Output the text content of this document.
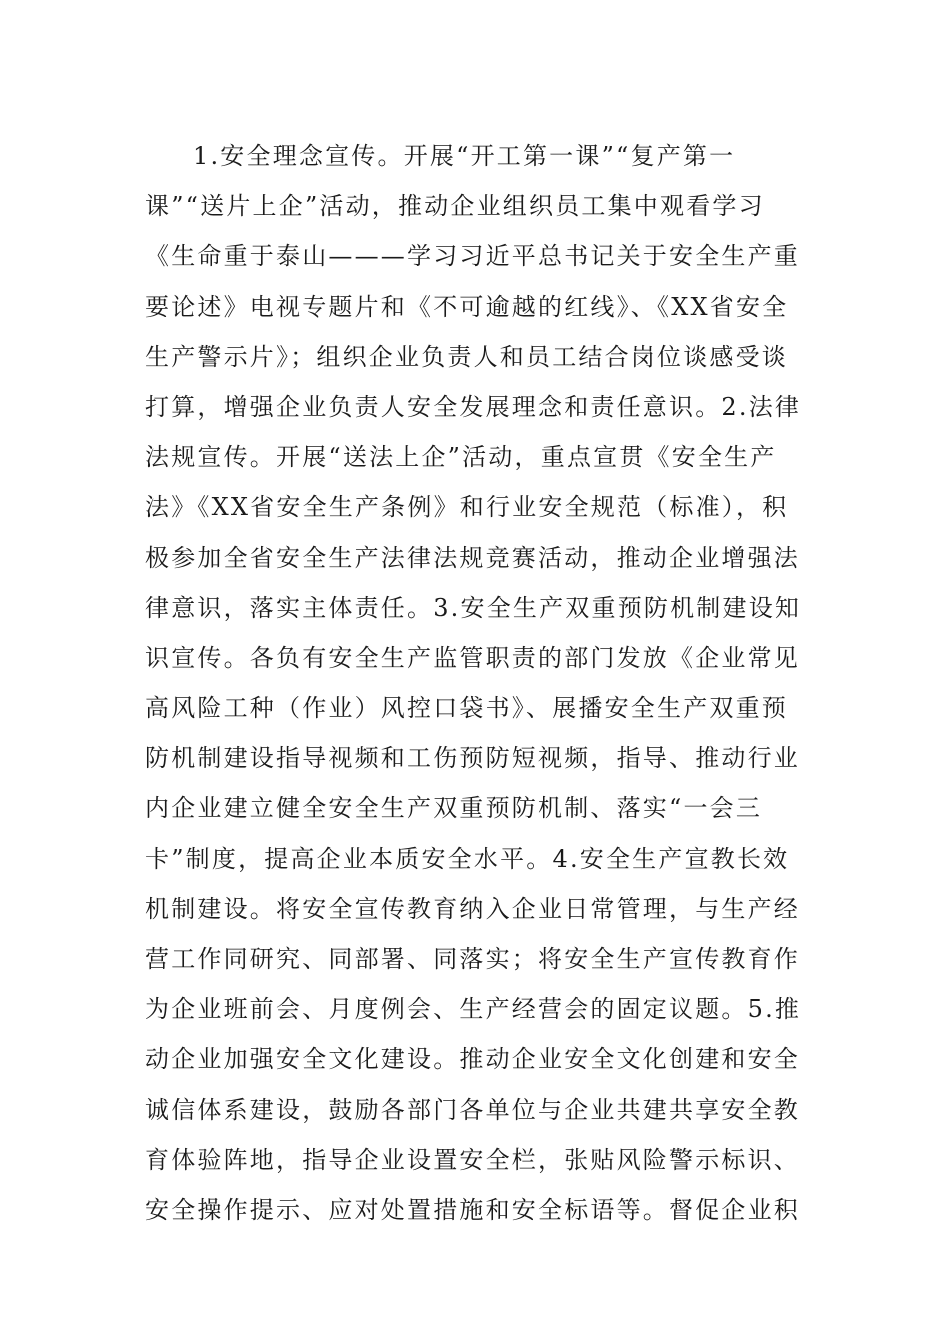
1.安全理念宣传。开展“开工第一课”“复产第一
课”“送片上企”活动，推动企业组织员工集中观看学习
《生命重于泰山———学习习近平总书记关于安全生产重
要论述》电视专题片和《不可逾越的红线》、《XX省安全
生产警示片》；组织企业负责人和员工结合岗位谈感受谈
打算，增强企业负责人安全发展理念和责任意识。2.法律
法规宣传。开展“送法上企”活动，重点宣贯《安全生产
法》《XX省安全生产条例》和行业安全规范（标准），积
极参加全省安全生产法律法规竞赛活动，推动企业增强法
律意识，落实主体责任。3.安全生产双重预防机制建设知
识宣传。各负有安全生产监管职责的部门发放《企业常见
高风险工种（作业）风控口袋书》、展播安全生产双重预
防机制建设指导视频和工伤预防短视频，指导、推动行业
内企业建立健全安全生产双重预防机制、落实“一会三
卡”制度，提高企业本质安全水平。4.安全生产宣教长效
机制建设。将安全宣传教育纳入企业日常管理，与生产经
营工作同研究、同部署、同落实；将安全生产宣传教育作
为企业班前会、月度例会、生产经营会的固定议题。5.推
动企业加强安全文化建设。推动企业安全文化创建和安全
诚信体系建设，鼓励各部门各单位与企业共建共享安全教
育体验阵地，指导企业设置安全栏，张贴风险警示标识、
安全操作提示、应对处置措施和安全标语等。督促企业积
